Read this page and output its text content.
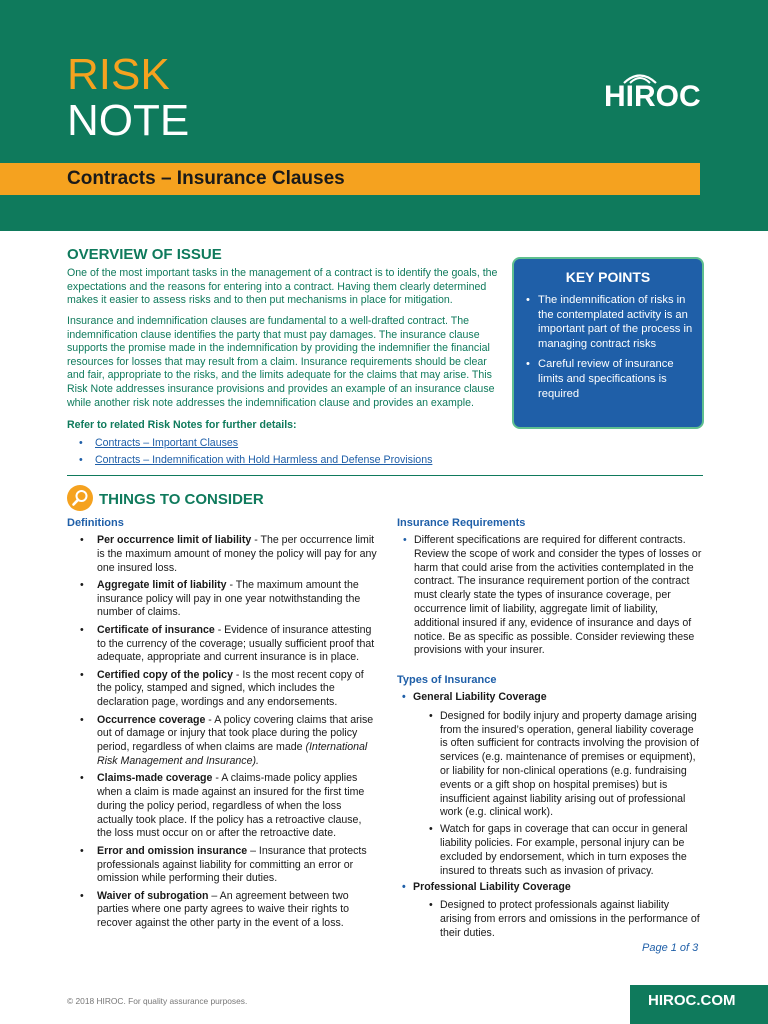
RISK
NOTE	HIROC
Contracts – Insurance Clauses
OVERVIEW OF ISSUE

One of the most important tasks in the management of a contract is to identify the goals, the expectations and the reasons for entering into a contract. Having them clearly determined makes it easier to assess risks and to then put mechanisms in place for mitigation.

Insurance and indemnification clauses are fundamental to a well-drafted contract. The indemnification clause identifies the party that must pay damages. The insurance clause supports the promise made in the indemnification by providing the indemnifier the financial resources for losses that may result from a claim. Insurance requirements should be clear and fair, appropriate to the risks, and the limits adequate for the claims that may arise. This Risk Note addresses insurance provisions and provides an example of an insurance clause while another risk note addresses the indemnification clause and provides an example.

Refer to related Risk Notes for further details:
• Contracts – Important Clauses
• Contracts – Indemnification with Hold Harmless and Defense Provisions
KEY POINTS
• The indemnification of risks in the contemplated activity is an important part of the process in managing contract risks
• Careful review of insurance limits and specifications is required
THINGS TO CONSIDER
Definitions
• Per occurrence limit of liability - The per occurrence limit is the maximum amount of money the policy will pay for any one insured loss.
• Aggregate limit of liability - The maximum amount the insurance policy will pay in one year notwithstanding the number of claims.
• Certificate of insurance - Evidence of insurance attesting to the currency of the coverage; usually sufficient proof that adequate, appropriate and current insurance is in place.
• Certified copy of the policy - Is the most recent copy of the policy, stamped and signed, which includes the declaration page, wordings and any endorsements.
• Occurrence coverage - A policy covering claims that arise out of damage or injury that took place during the policy period, regardless of when claims are made (International Risk Management and Insurance).
• Claims-made coverage - A claims-made policy applies when a claim is made against an insured for the first time during the policy period, regardless of when the loss actually took place. If the policy has a retroactive clause, the loss must occur on or after the retroactive date.
• Error and omission insurance – Insurance that protects professionals against liability for committing an error or omission while performing their duties.
• Waiver of subrogation – An agreement between two parties where one party agrees to waive their rights to recover against the other party in the event of a loss.
Insurance Requirements
• Different specifications are required for different contracts. Review the scope of work and consider the types of losses or harm that could arise from the activities contemplated in the contract. The insurance requirement portion of the contract must clearly state the types of insurance coverage, per occurrence limit of liability, aggregate limit of liability, additional insured if any, evidence of insurance and days of notice. Be as specific as possible. Consider reviewing these provisions with your insurer.
Types of Insurance
• General Liability Coverage
• Designed for bodily injury and property damage arising from the insured’s operation, general liability coverage is often sufficient for contracts involving the provision of services (e.g. maintenance of premises or equipment), or liability for non-clinical operations (e.g. fundraising events or a gift shop on hospital premises) but is insufficient against liability arising out of professional work (e.g. clinical work).
• Watch for gaps in coverage that can occur in general liability policies. For example, personal injury can be excluded by endorsement, which in turn exposes the insured to threats such as invasion of privacy.
• Professional Liability Coverage
• Designed to protect professionals against liability arising from errors and omissions in the performance of their duties.
Page 1 of 3
© 2018 HIROC. For quality assurance purposes.	HIROC.COM
